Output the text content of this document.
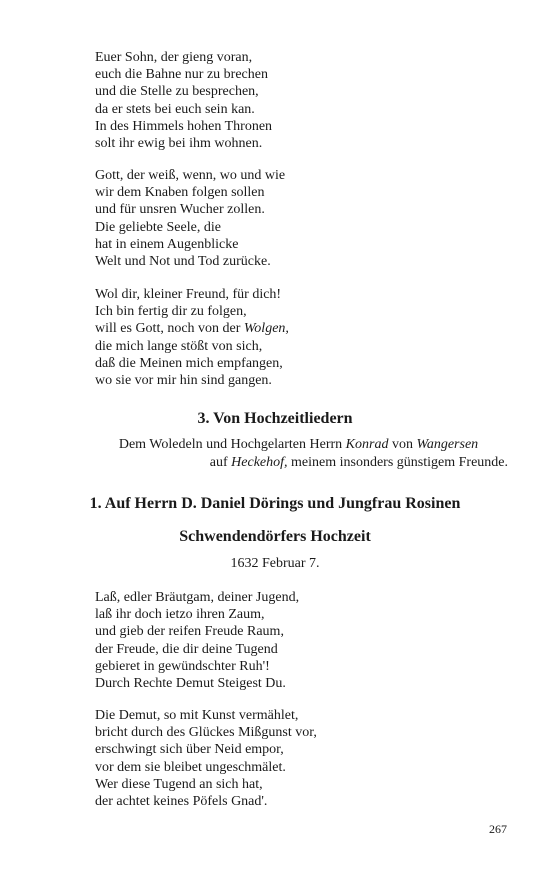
Euer Sohn, der gieng voran,
euch die Bahne nur zu brechen
und die Stelle zu besprechen,
da er stets bei euch sein kan.
In des Himmels hohen Thronen
solt ihr ewig bei ihm wohnen.
Gott, der weiß, wenn, wo und wie
wir dem Knaben folgen sollen
und für unsren Wucher zollen.
Die geliebte Seele, die
hat in einem Augenblicke
Welt und Not und Tod zurücke.
Wol dir, kleiner Freund, für dich!
Ich bin fertig dir zu folgen,
will es Gott, noch von der Wolgen,
die mich lange stößt von sich,
daß die Meinen mich empfangen,
wo sie vor mir hin sind gangen.
3. Von Hochzeitliedern
Dem Woledeln und Hochgelarten Herrn Konrad von Wangersen
auf Heckehof, meinem insonders günstigem Freunde.
1. Auf Herrn D. Daniel Dörings und Jungfrau Rosinen
Schwendendörfers Hochzeit
1632 Februar 7.
Laß, edler Bräutgam, deiner Jugend,
laß ihr doch ietzo ihren Zaum,
und gieb der reifen Freude Raum,
der Freude, die dir deine Tugend
gebieret in gewündschter Ruh'!
Durch Rechte Demut Steigest Du.
Die Demut, so mit Kunst vermählet,
bricht durch des Glückes Mißgunst vor,
erschwingt sich über Neid empor,
vor dem sie bleibet ungeschmälet.
Wer diese Tugend an sich hat,
der achtet keines Pöfels Gnad'.
267
